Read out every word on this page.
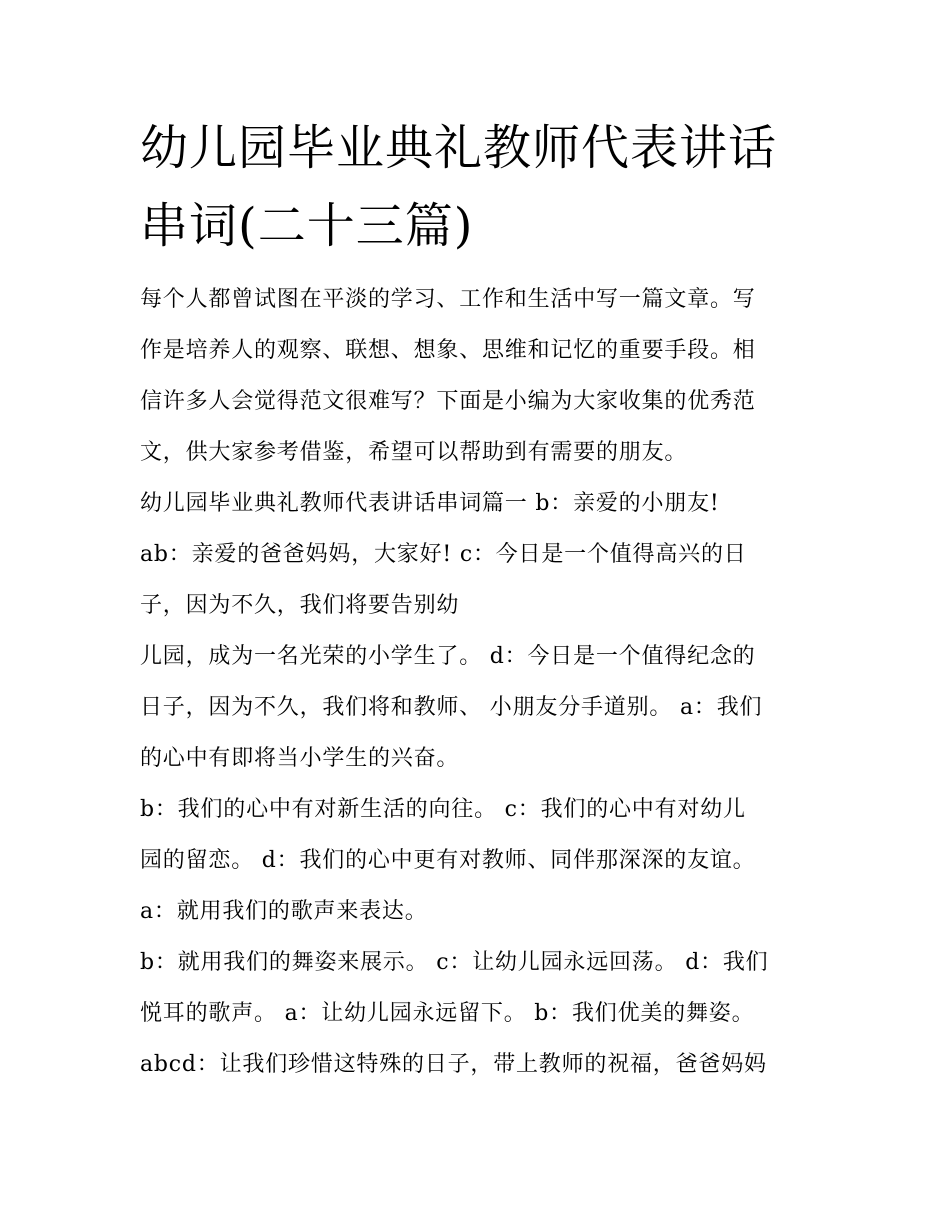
幼儿园毕业典礼教师代表讲话
串词(二十三篇)
每个人都曾试图在平淡的学习、工作和生活中写一篇文章。写
作是培养人的观察、联想、想象、思维和记忆的重要手段。相
信许多人会觉得范文很难写？下面是小编为大家收集的优秀范
文，供大家参考借鉴，希望可以帮助到有需要的朋友。
幼儿园毕业典礼教师代表讲话串词篇一 b：亲爱的小朋友!
ab：亲爱的爸爸妈妈，大家好! c：今日是一个值得高兴的日
子，因为不久，我们将要告别幼
儿园，成为一名光荣的小学生了。 d：今日是一个值得纪念的
日子，因为不久，我们将和教师、 小朋友分手道别。 a：我们
的心中有即将当小学生的兴奋。
b：我们的心中有对新生活的向往。 c：我们的心中有对幼儿
园的留恋。 d：我们的心中更有对教师、同伴那深深的友谊。
a：就用我们的歌声来表达。
b：就用我们的舞姿来展示。 c：让幼儿园永远回荡。 d：我们
悦耳的歌声。 a：让幼儿园永远留下。 b：我们优美的舞姿。
abcd：让我们珍惜这特殊的日子，带上教师的祝福，爸爸妈妈
